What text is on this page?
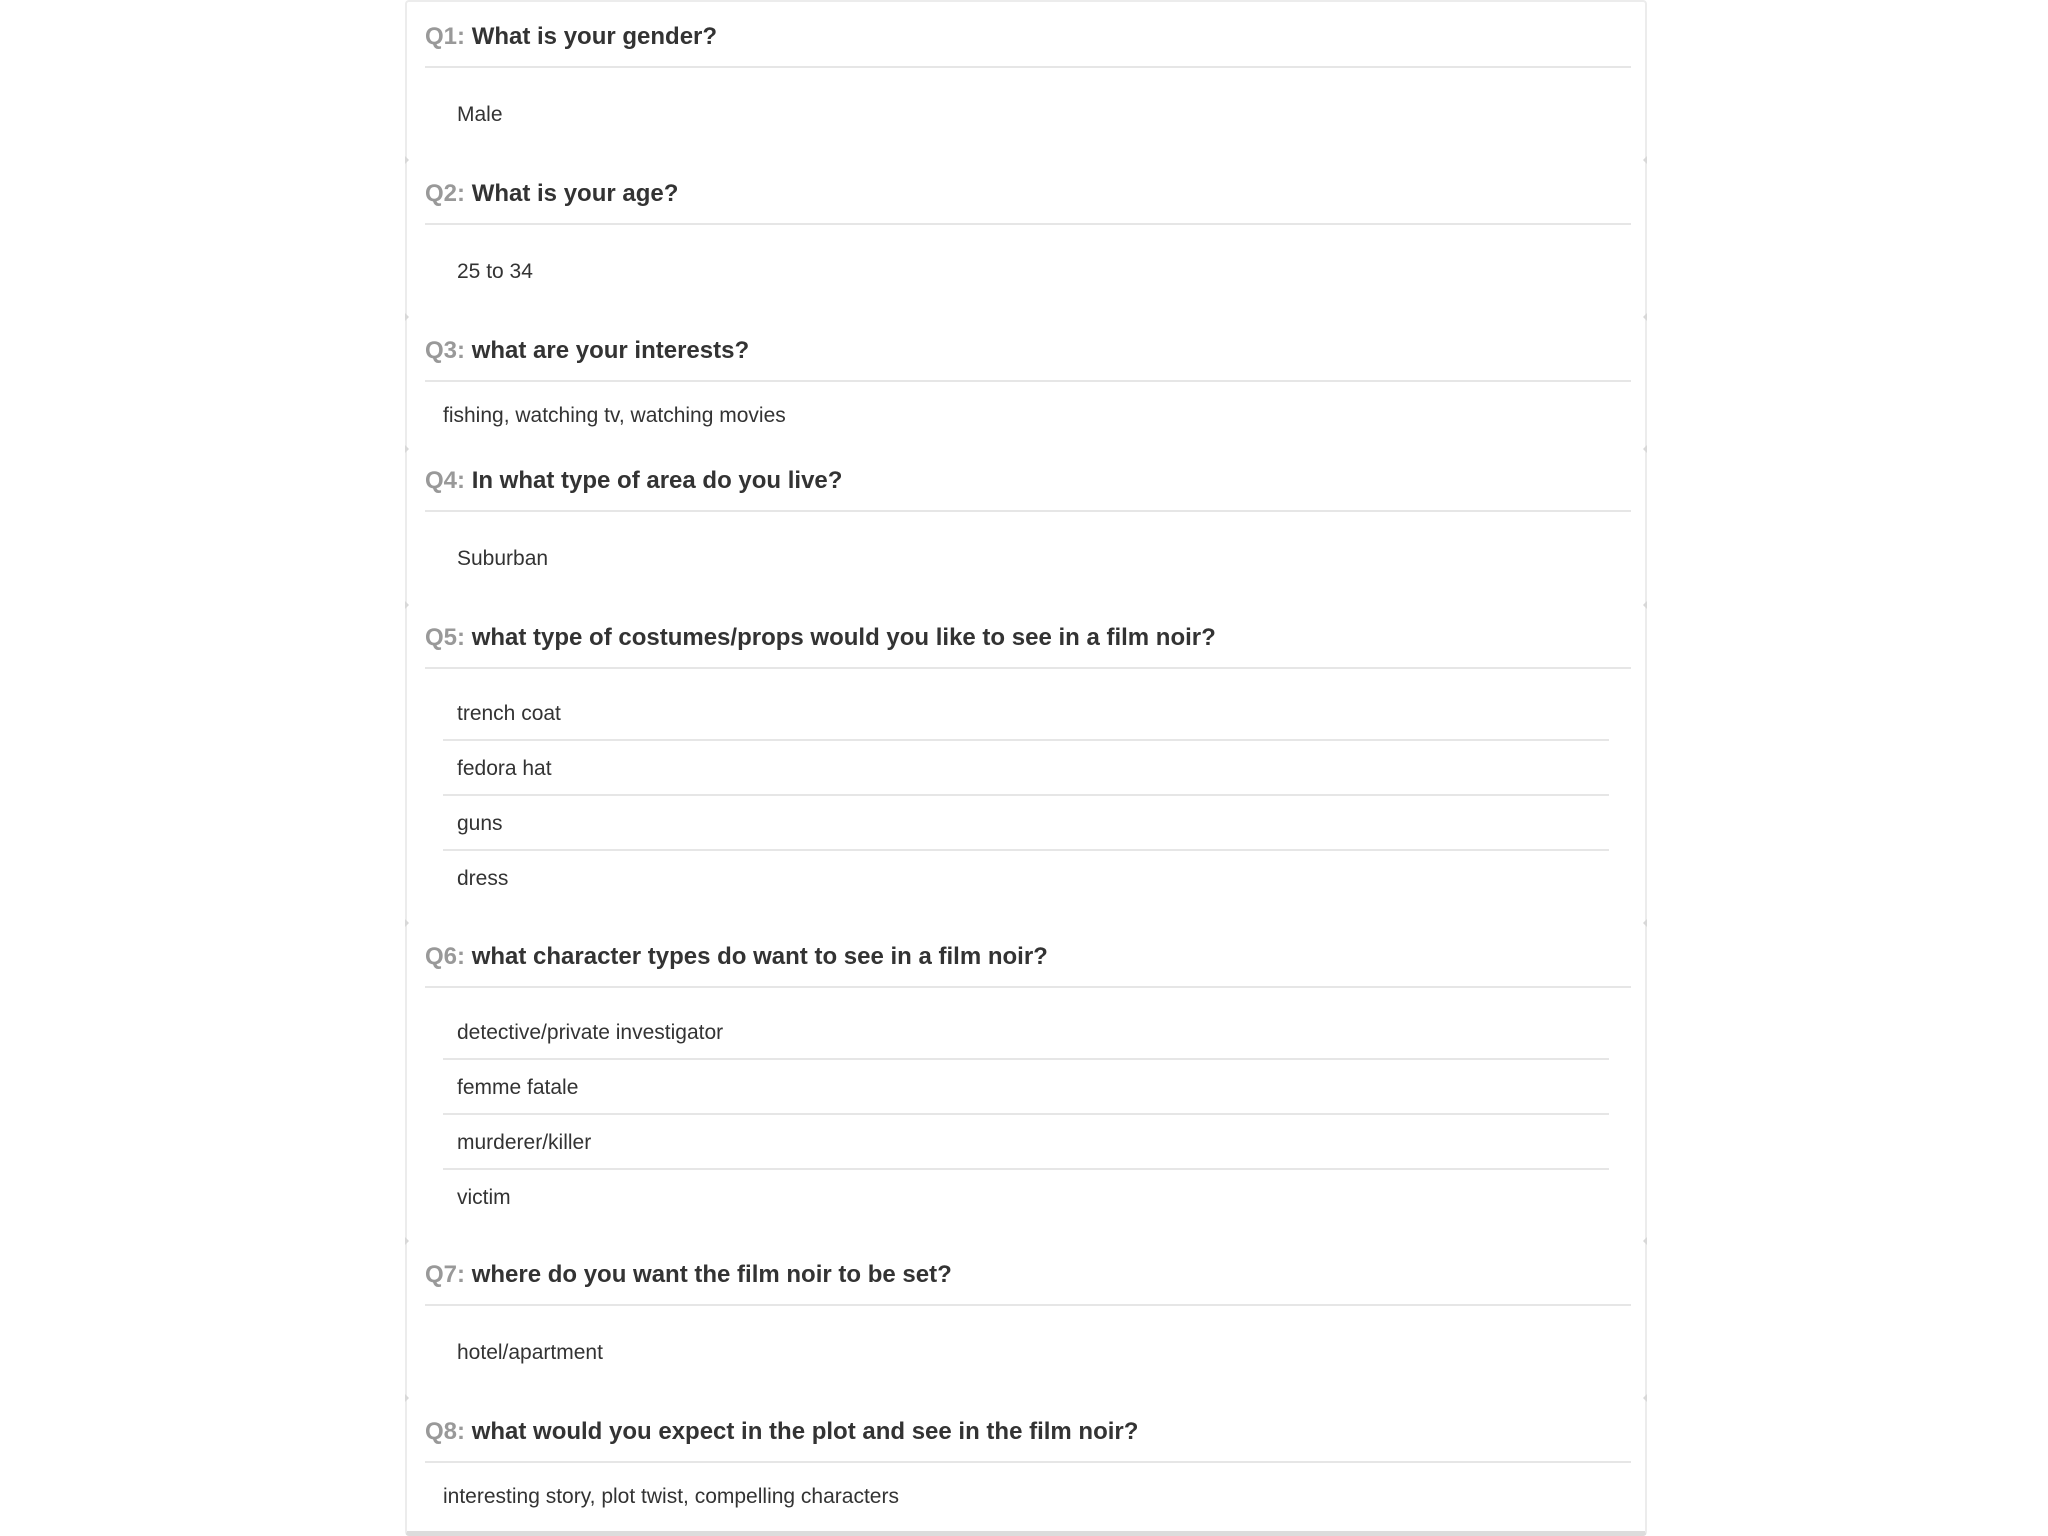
Q1: What is your gender?
Male
Q2: What is your age?
25 to 34
Q3: what are your interests?
fishing, watching tv, watching movies
Q4: In what type of area do you live?
Suburban
Q5: what type of costumes/props would you like to see in a film noir?
trench coat
fedora hat
guns
dress
Q6: what character types do want to see in a film noir?
detective/private investigator
femme fatale
murderer/killer
victim
Q7: where do you want the film noir to be set?
hotel/apartment
Q8: what would you expect in the plot and see in the film noir?
interesting story, plot twist, compelling characters
